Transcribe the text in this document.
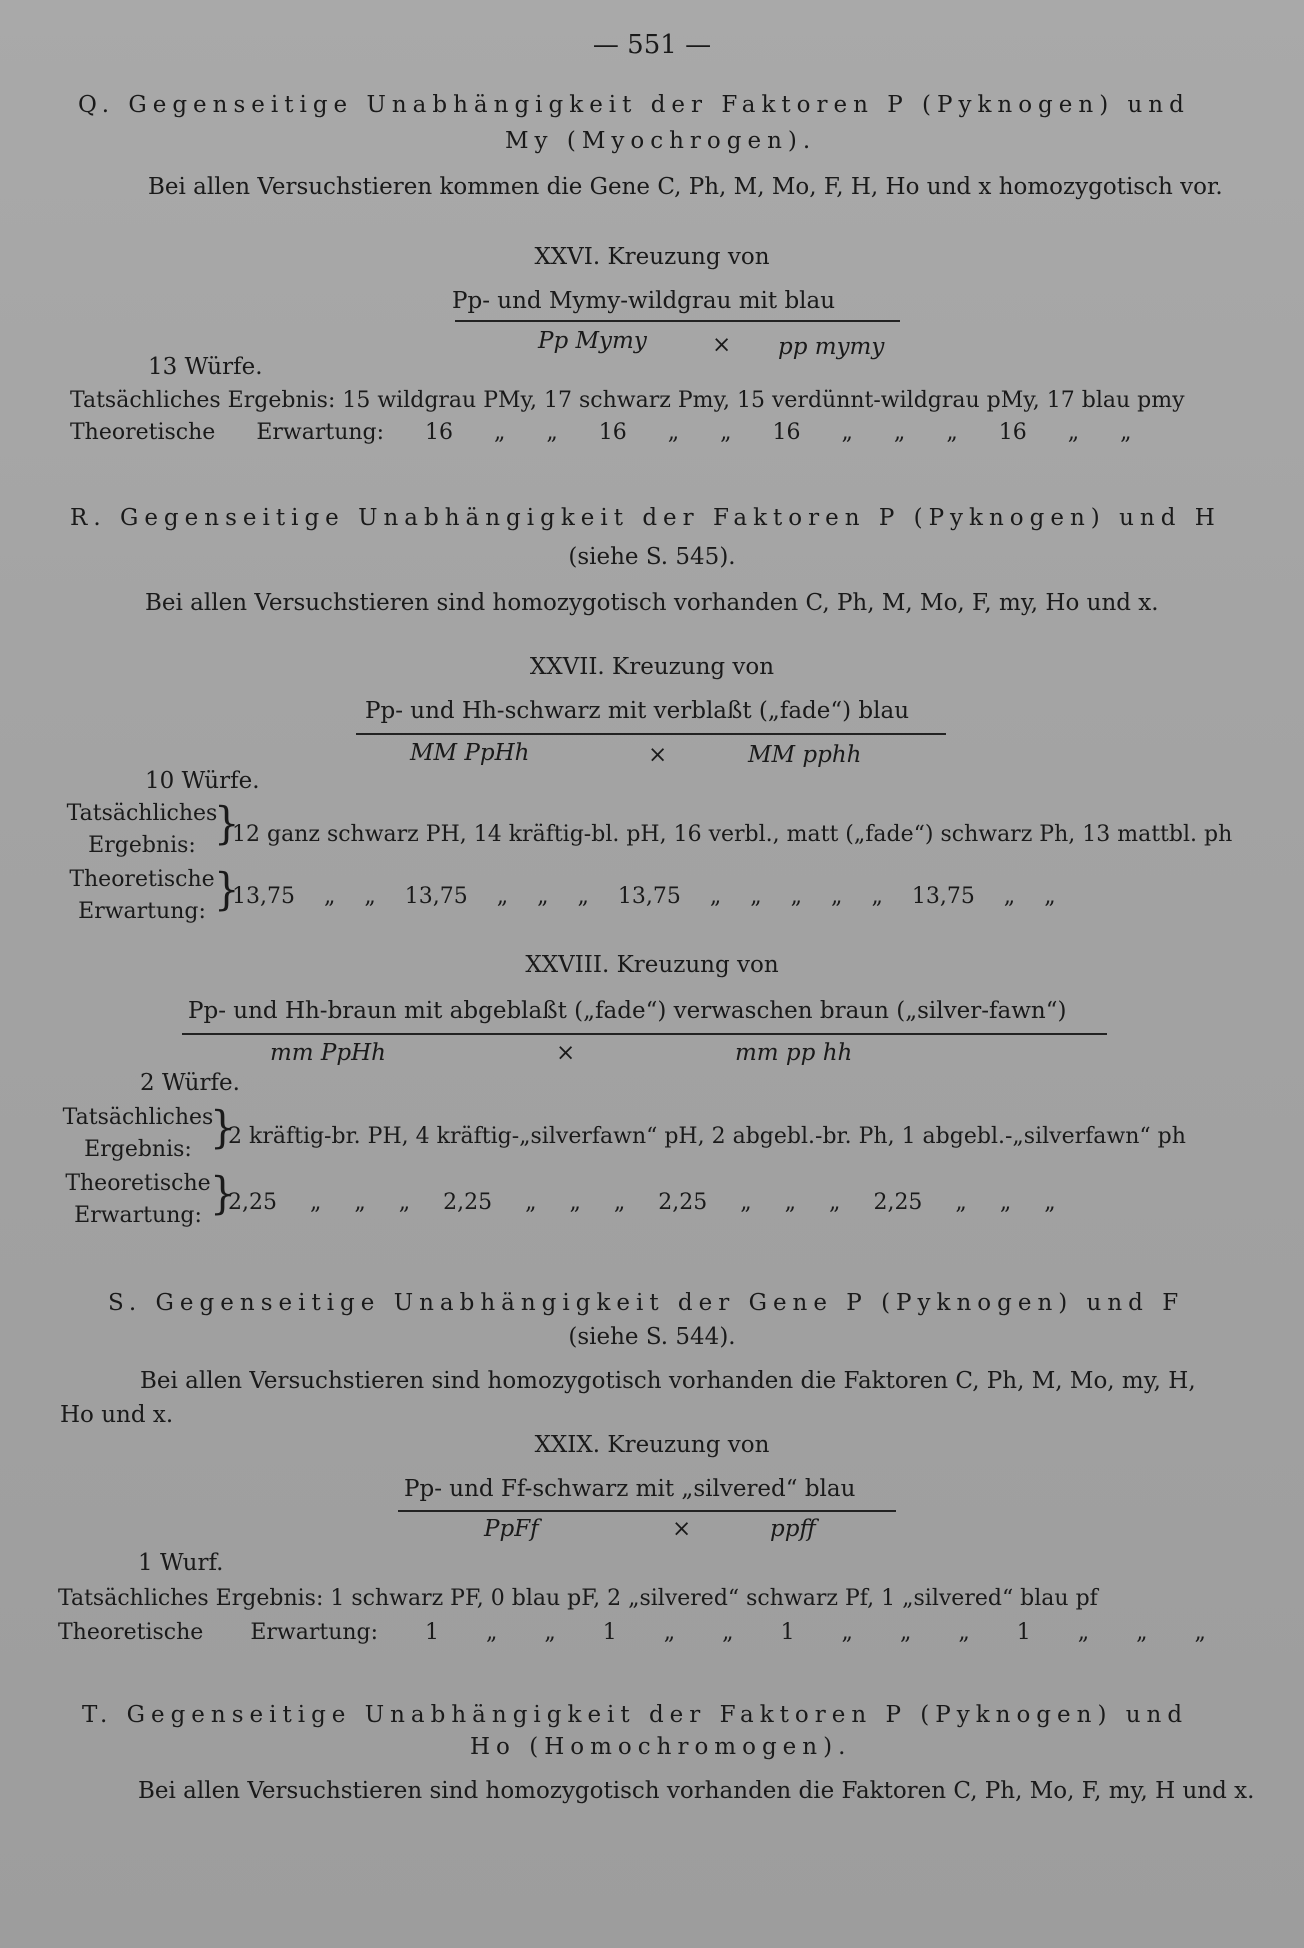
— 551 —
Q. Gegenseitige Unabhängigkeit der Faktoren P (Pyknogen) und
My (Myochrogen).
Bei allen Versuchstieren kommen die Gene C, Ph, M, Mo, F, H, Ho und x homozygotisch vor.
XXVI. Kreuzung von
Pp- und Mymy-wildgrau mit blau
Pp Mymy	× pp mymy
13 Würfe.
Tatsächliches Ergebnis: 15 wildgrau PMy, 17 schwarz Pmy, 15 verdünnt-wildgrau pMy, 17 blau pmy
Theoretische Erwartung: 16 „ „ 16 „ „ 16 „ „ „ 16 „ „
R. Gegenseitige Unabhängigkeit der Faktoren P (Pyknogen) und H
(siehe S. 545).
Bei allen Versuchstieren sind homozygotisch vorhanden C, Ph, M, Mo, F, my, Ho und x.
XXVII. Kreuzung von
Pp- und Hh-schwarz mit verblaßt („fade“) blau
MM PpHh	×	MM pphh
10 Würfe.
Tatsächliches
Ergebnis: }
12 ganz schwarz PH, 14 kräftig-bl. pH, 16 verbl., matt („fade“) schwarz Ph, 13 mattbl. ph
Theoretische
Erwartung: }
13,75 „ „ 13,75 „ „ „ 13,75 „ „ „ „ „ 13,75 „ „
XXVIII. Kreuzung von
Pp- und Hh-braun mit abgeblaßt („fade“) verwaschen braun („silver-fawn“)
mm PpHh	×	mm pp hh
2 Würfe.
Tatsächliches
Ergebnis: }
2 kräftig-br. PH, 4 kräftig-„silverfawn“ pH, 2 abgebl.-br. Ph, 1 abgebl.-„silverfawn“ ph
Theoretische
Erwartung: }
2,25 „ „ „ 2,25 „ „ „ 2,25 „ „ „ 2,25 „ „ „
S. Gegenseitige Unabhängigkeit der Gene P (Pyknogen) und F
(siehe S. 544).
Bei allen Versuchstieren sind homozygotisch vorhanden die Faktoren C, Ph, M, Mo, my, H,
Ho und x.
XXIX. Kreuzung von
Pp- und Ff-schwarz mit „silvered“ blau
PpFf	×	ppff
1 Wurf.
Tatsächliches Ergebnis: 1 schwarz PF, 0 blau pF, 2 „silvered“ schwarz Pf, 1 „silvered“ blau pf
Theoretische Erwartung: 1 „ „ 1 „ „ 1 „ „ „ 1 „ „ „
T. Gegenseitige Unabhängigkeit der Faktoren P (Pyknogen) und
Ho (Homochromogen).
Bei allen Versuchstieren sind homozygotisch vorhanden die Faktoren C, Ph, Mo, F, my, H und x.
